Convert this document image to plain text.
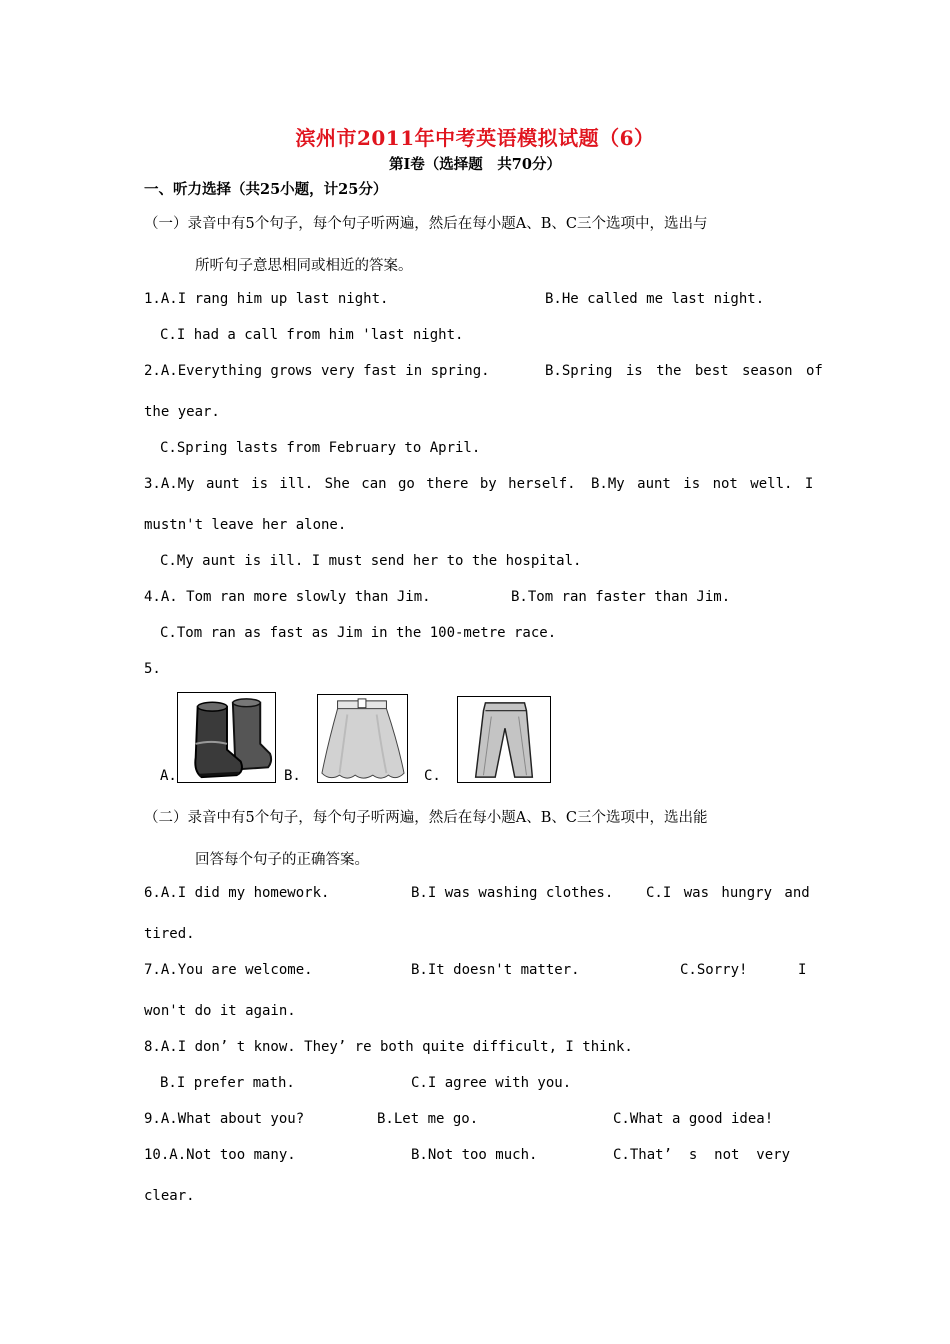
滨州市2011年中考英语模拟试题（6）
第Ⅰ卷（选择题　共70分）
一、听力选择（共25小题，计25分）
（一）录音中有5个句子，每个句子听两遍，然后在每小题A、B、C三个选项中，选出与
所听句子意思相同或相近的答案。
1.A.I rang him up last night.	B.He called me last night.
C.I had a call from him 'last night.
2.A.Everything grows very fast in spring.	B.Spring is the best season of
the year.
C.Spring lasts from February to April.
3.A.My aunt is ill. She can go there by herself. B.My aunt is not well. I
mustn't leave her alone.
C.My aunt is ill. I must send her to the hospital.
4.A. Tom ran more slowly than Jim.	B.Tom ran faster than Jim.
C.Tom ran as fast as Jim in the 100-metre race.
5.
A.	B.	C.
（二）录音中有5个句子，每个句子听两遍，然后在每小题A、B、C三个选项中，选出能
回答每个句子的正确答案。
6.A.I did my homework.	B.I was washing clothes. C.I was hungry and
tired.
7.A.You are welcome.	B.It doesn't matter.	C.Sorry!	I
won't do it again.
8.A.I don’ t know. They’ re both quite difficult, I think.
B.I prefer math.	C.I agree with you.
9.A.What about you?	B.Let me go.	C.What a good idea!
10.A.Not too many.	B.Not too much.	C.That’  s  not  very
clear.
